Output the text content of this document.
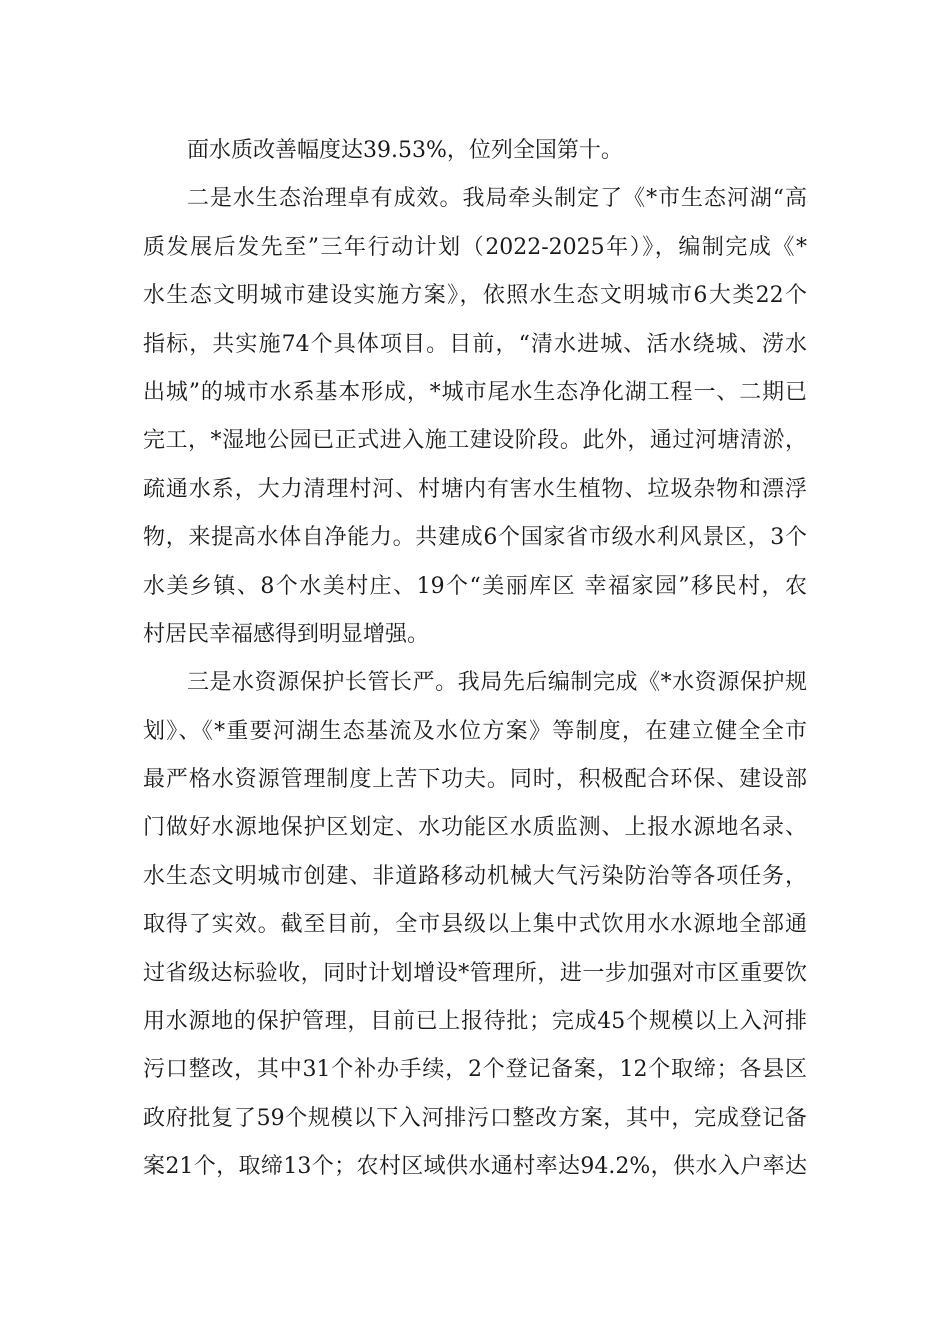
面水质改善幅度达39.53%，位列全国第十。
二是水生态治理卓有成效。我局牵头制定了《*市生态河湖“高
质发展后发先至”三年行动计划（2022-2025年）》，编制完成《*
水生态文明城市建设实施方案》，依照水生态文明城市6大类22个
指标，共实施74个具体项目。目前，“清水进城、活水绕城、涝水
出城”的城市水系基本形成，*城市尾水生态净化湖工程一、二期已
完工，*湿地公园已正式进入施工建设阶段。此外，通过河塘清淤，
疏通水系，大力清理村河、村塘内有害水生植物、垃圾杂物和漂浮
物，来提高水体自净能力。共建成6个国家省市级水利风景区，3个
水美乡镇、8个水美村庄、19个“美丽库区 幸福家园”移民村，农
村居民幸福感得到明显增强。
三是水资源保护长管长严。我局先后编制完成《*水资源保护规
划》、《*重要河湖生态基流及水位方案》等制度，在建立健全全市
最严格水资源管理制度上苦下功夫。同时，积极配合环保、建设部
门做好水源地保护区划定、水功能区水质监测、上报水源地名录、
水生态文明城市创建、非道路移动机械大气污染防治等各项任务，
取得了实效。截至目前，全市县级以上集中式饮用水水源地全部通
过省级达标验收，同时计划增设*管理所，进一步加强对市区重要饮
用水源地的保护管理，目前已上报待批；完成45个规模以上入河排
污口整改，其中31个补办手续，2个登记备案，12个取缔；各县区
政府批复了59个规模以下入河排污口整改方案，其中，完成登记备
案21个，取缔13个；农村区域供水通村率达94.2%，供水入户率达
